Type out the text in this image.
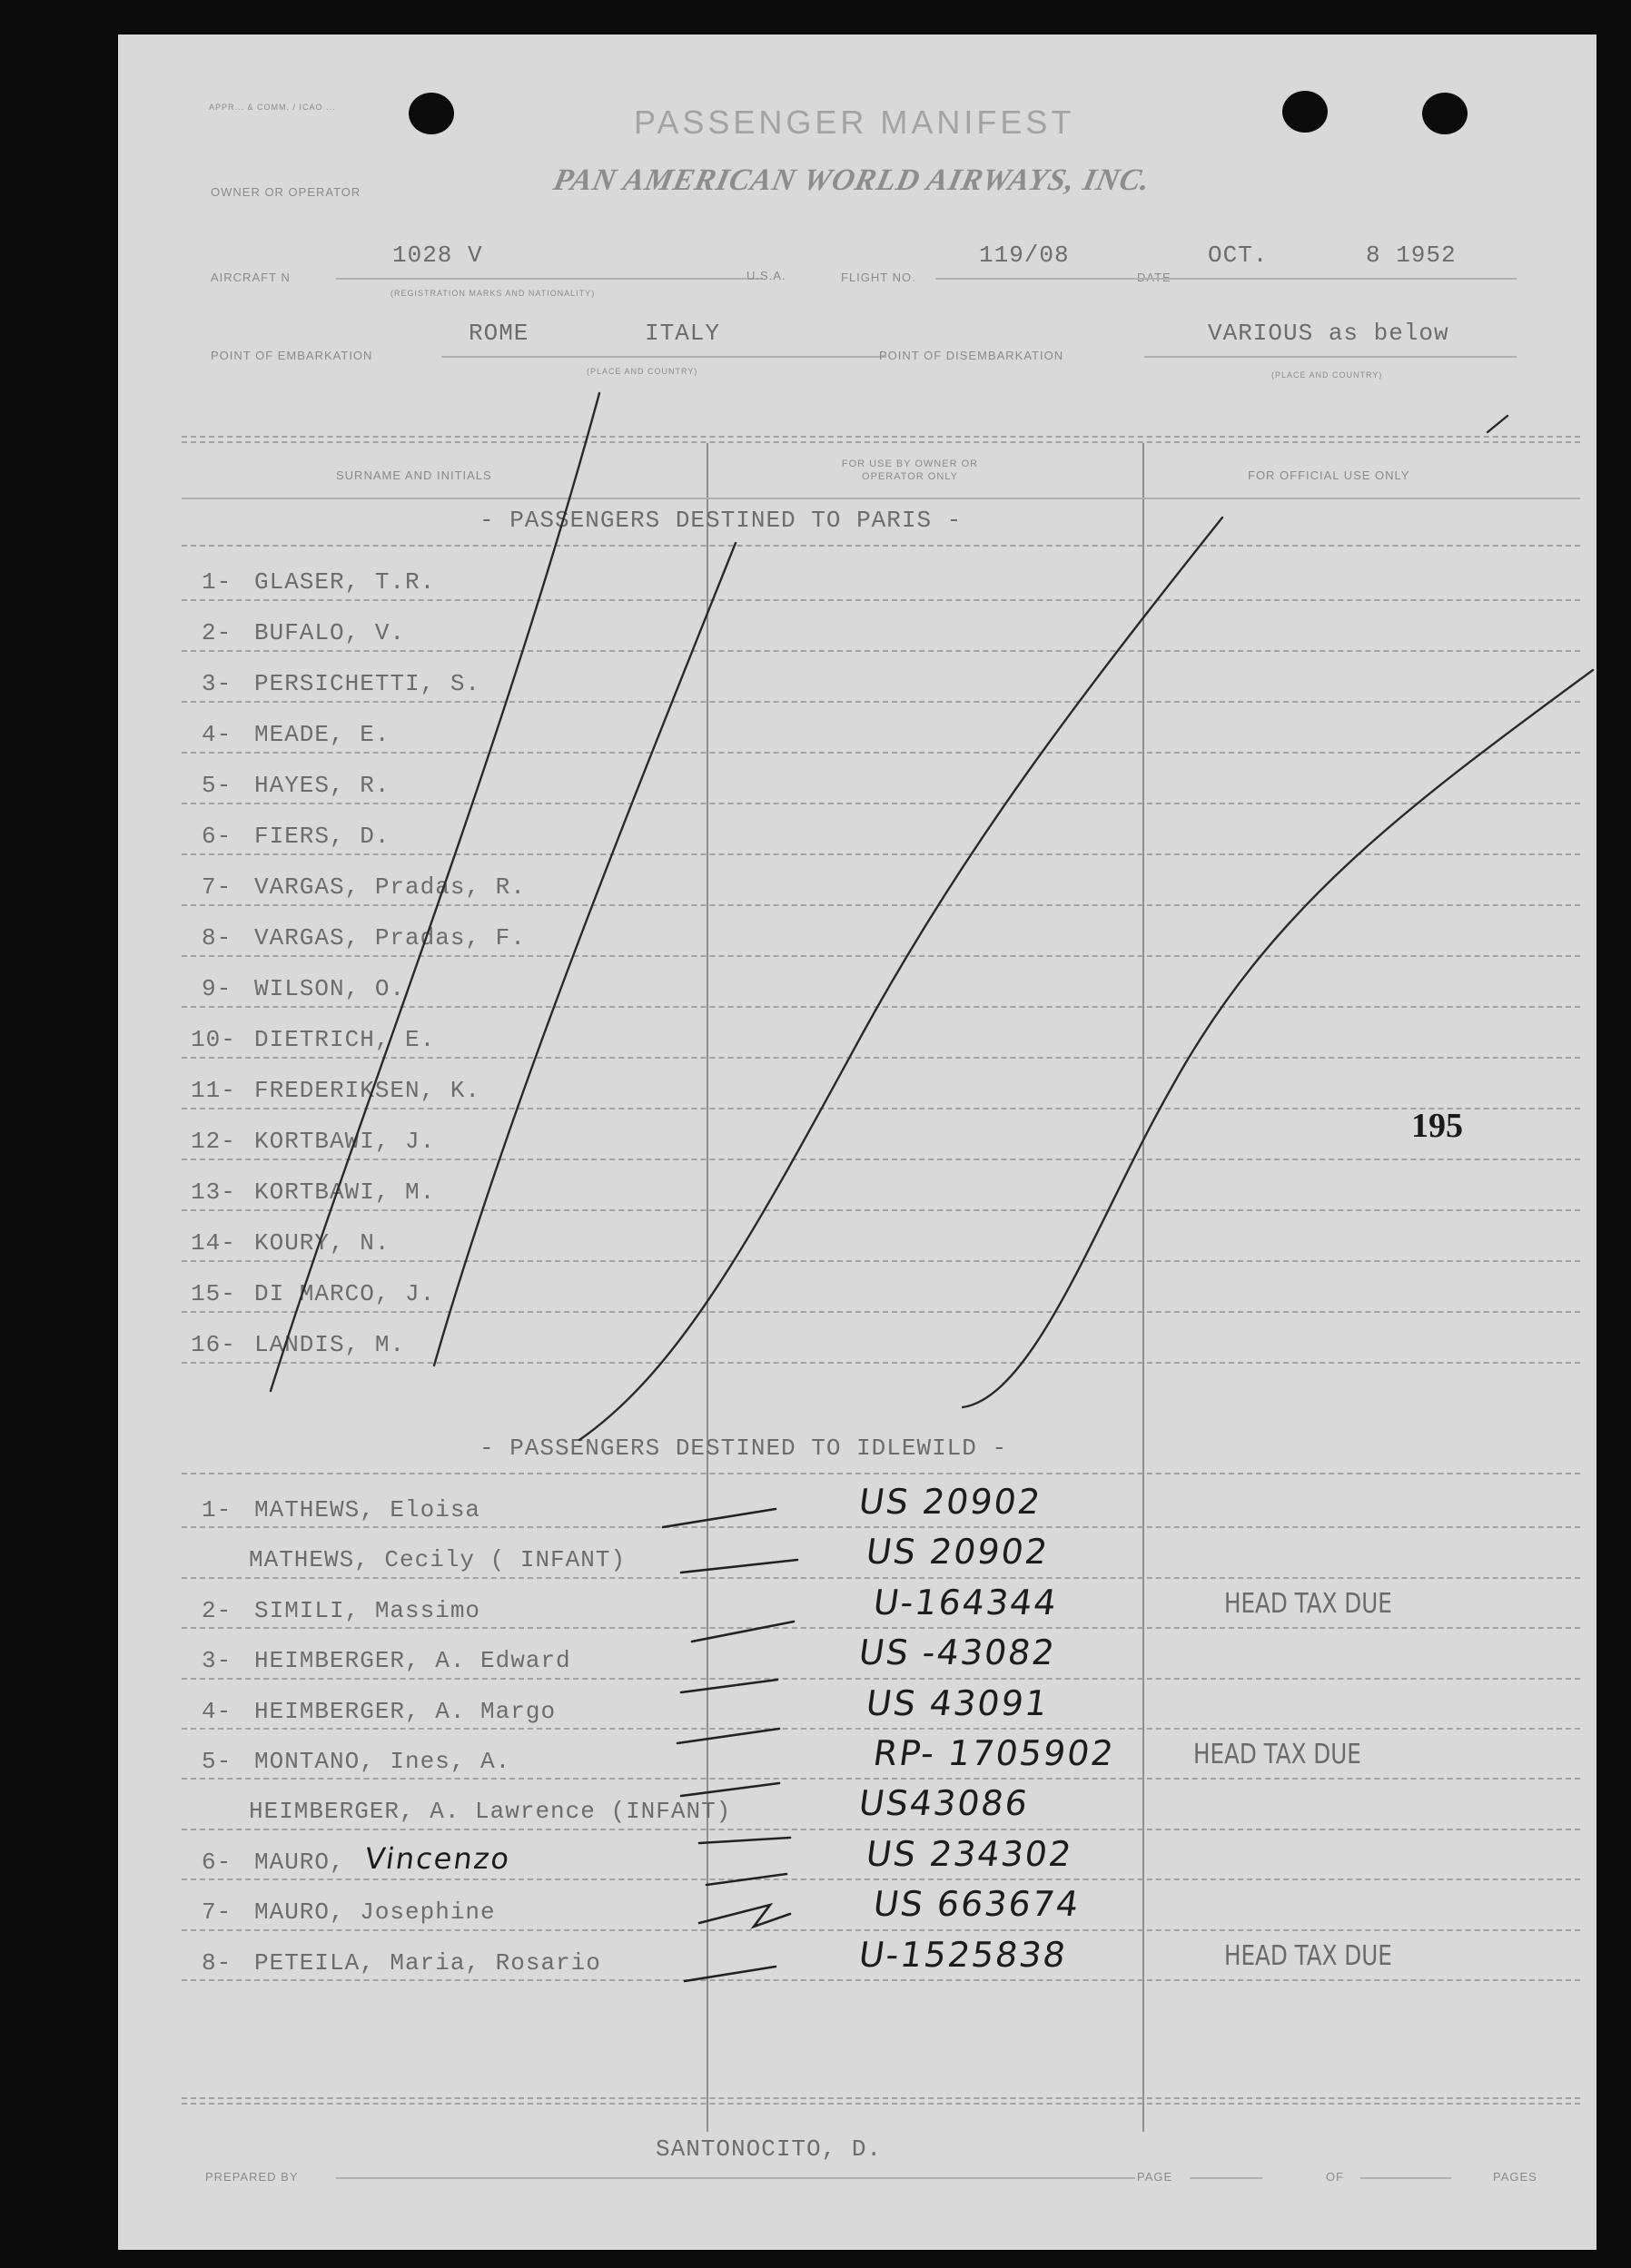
APPR... & COMM. / ICAO ...	PASSENGER MANIFEST
OWNER OR OPERATOR	PAN AMERICAN WORLD AIRWAYS, INC.
AIRCRAFT N
1028 V
(REGISTRATION MARKS AND NATIONALITY)
U.S.A.	FLIGHT NO.
119/08
DATE
OCT.	8 1952
POINT OF EMBARKATION
ROME	ITALY
(PLACE AND COUNTRY)
POINT OF DISEMBARKATION
VARIOUS as below
(PLACE AND COUNTRY)
SURNAME AND INITIALS
FOR USE BY OWNER OR OPERATOR ONLY	FOR OFFICIAL USE ONLY
- PASSENGERS DESTINED TO PARIS -
1- GLASER, T.R.
2- BUFALO, V.
3- PERSICHETTI, S.
4- MEADE, E.
5- HAYES, R.
6- FIERS, D.
7- VARGAS, Pradas, R.
8- VARGAS, Pradas, F.
9- WILSON, O.
10- DIETRICH, E.
11- FREDERIKSEN, K.
12- KORTBAWI, J.
13- KORTBAWI, M.
14- KOURY, N.
15- DI MARCO, J.
16- LANDIS, M.
- PASSENGERS DESTINED TO IDLEWILD -
1- MATHEWS, Eloisa	US 20902
MATHEWS, Cecily ( INFANT)	US 20902
2- SIMILI, Massimo	U-164344	HEAD TAX DUE
3- HEIMBERGER, A. Edward	US -43082
4- HEIMBERGER, A. Margo	US 43091
5- MONTANO, Ines, A.	RP- 1705902	HEAD TAX DUE
HEIMBERGER, A. Lawrence (INFANT)	US43086
6- MAURO, Vincenzo	US 234302
7- MAURO, Josephine	US 663674
8- PETEILA, Maria, Rosario	U-1525838	HEAD TAX DUE
195
SANTONOCITO, D.
PREPARED BY	PAGE	OF	PAGES
